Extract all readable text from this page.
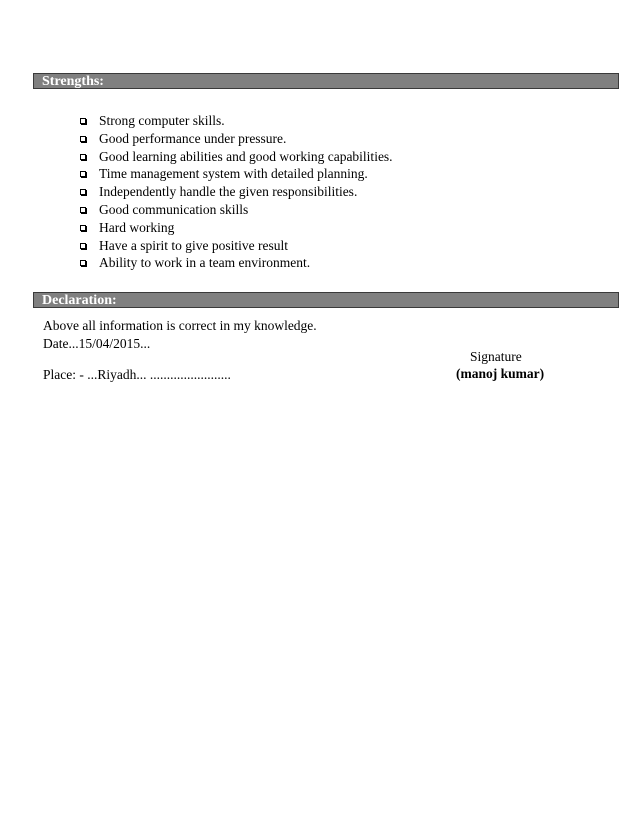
Strengths:
Strong computer skills.
Good performance under pressure.
Good learning abilities and good working capabilities.
Time management system with detailed planning.
Independently handle the given responsibilities.
Good communication skills
Hard working
Have a spirit to give positive result
Ability to work in a team environment.
Declaration:
Above all information is correct in my knowledge.
Date...15/04/2015...
Place: - ...Riyadh... ........................
Signature
(manoj kumar)
